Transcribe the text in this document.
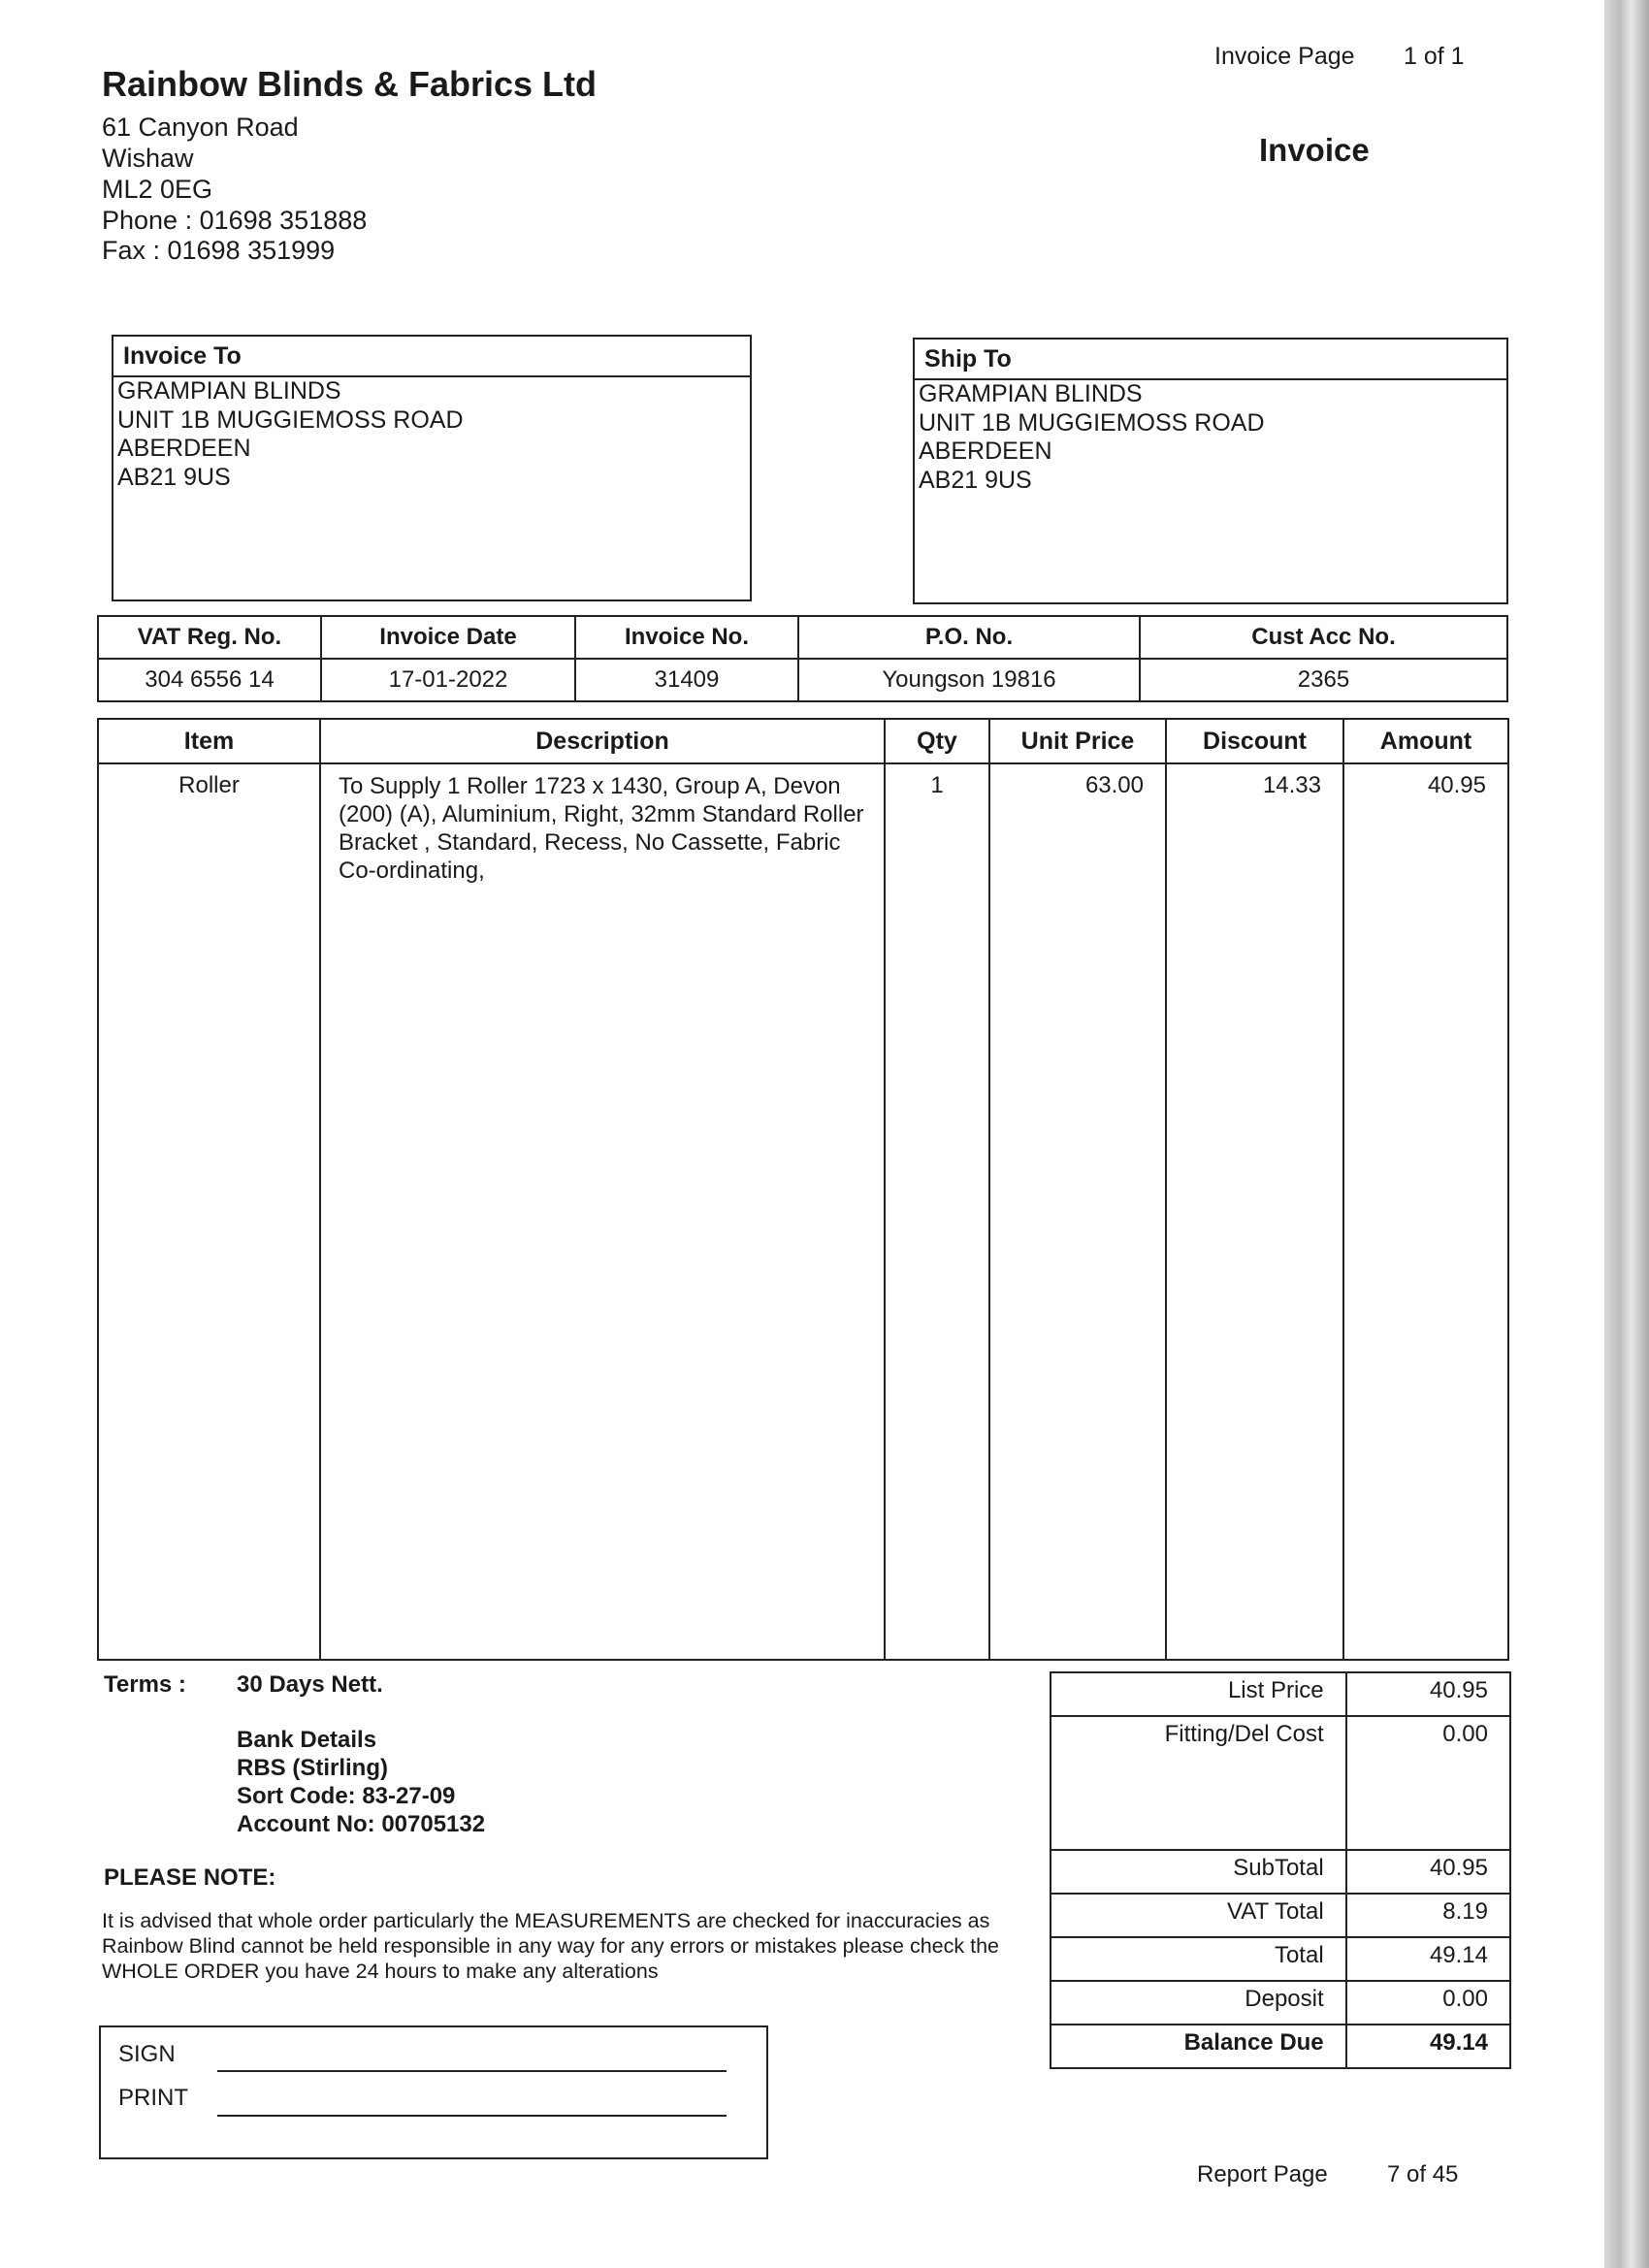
Invoice Page 1 of 1
Invoice
Rainbow Blinds & Fabrics Ltd
61 Canyon Road
Wishaw
ML2 0EG
Phone : 01698 351888
Fax : 01698 351999
Invoice To
GRAMPIAN BLINDS
UNIT 1B MUGGIEMOSS ROAD
ABERDEEN
AB21 9US
Ship To
GRAMPIAN BLINDS
UNIT 1B MUGGIEMOSS ROAD
ABERDEEN
AB21 9US
VAT Reg. No.	Invoice Date	Invoice No.	P.O. No.	Cust Acc No.
304 6556 14	17-01-2022	31409	Youngson 19816	2365
Item	Description	Qty	Unit Price	Discount	Amount
Roller	To Supply 1 Roller 1723 x 1430, Group A, Devon (200) (A), Aluminium, Right, 32mm Standard Roller Bracket , Standard, Recess, No Cassette, Fabric Co-ordinating,	1	63.00	14.33	40.95
Terms : 30 Days Nett.
Bank Details
RBS (Stirling)
Sort Code: 83-27-09
Account No: 00705132
PLEASE NOTE:
It is advised that whole order particularly the MEASUREMENTS are checked for inaccuracies as Rainbow Blind cannot be held responsible in any way for any errors or mistakes please check the WHOLE ORDER you have 24 hours to make any alterations
SIGN
PRINT
List Price	40.95
Fitting/Del Cost	0.00
SubTotal	40.95
VAT Total	8.19
Total	49.14
Deposit	0.00
Balance Due	49.14
Report Page	7 of 45
